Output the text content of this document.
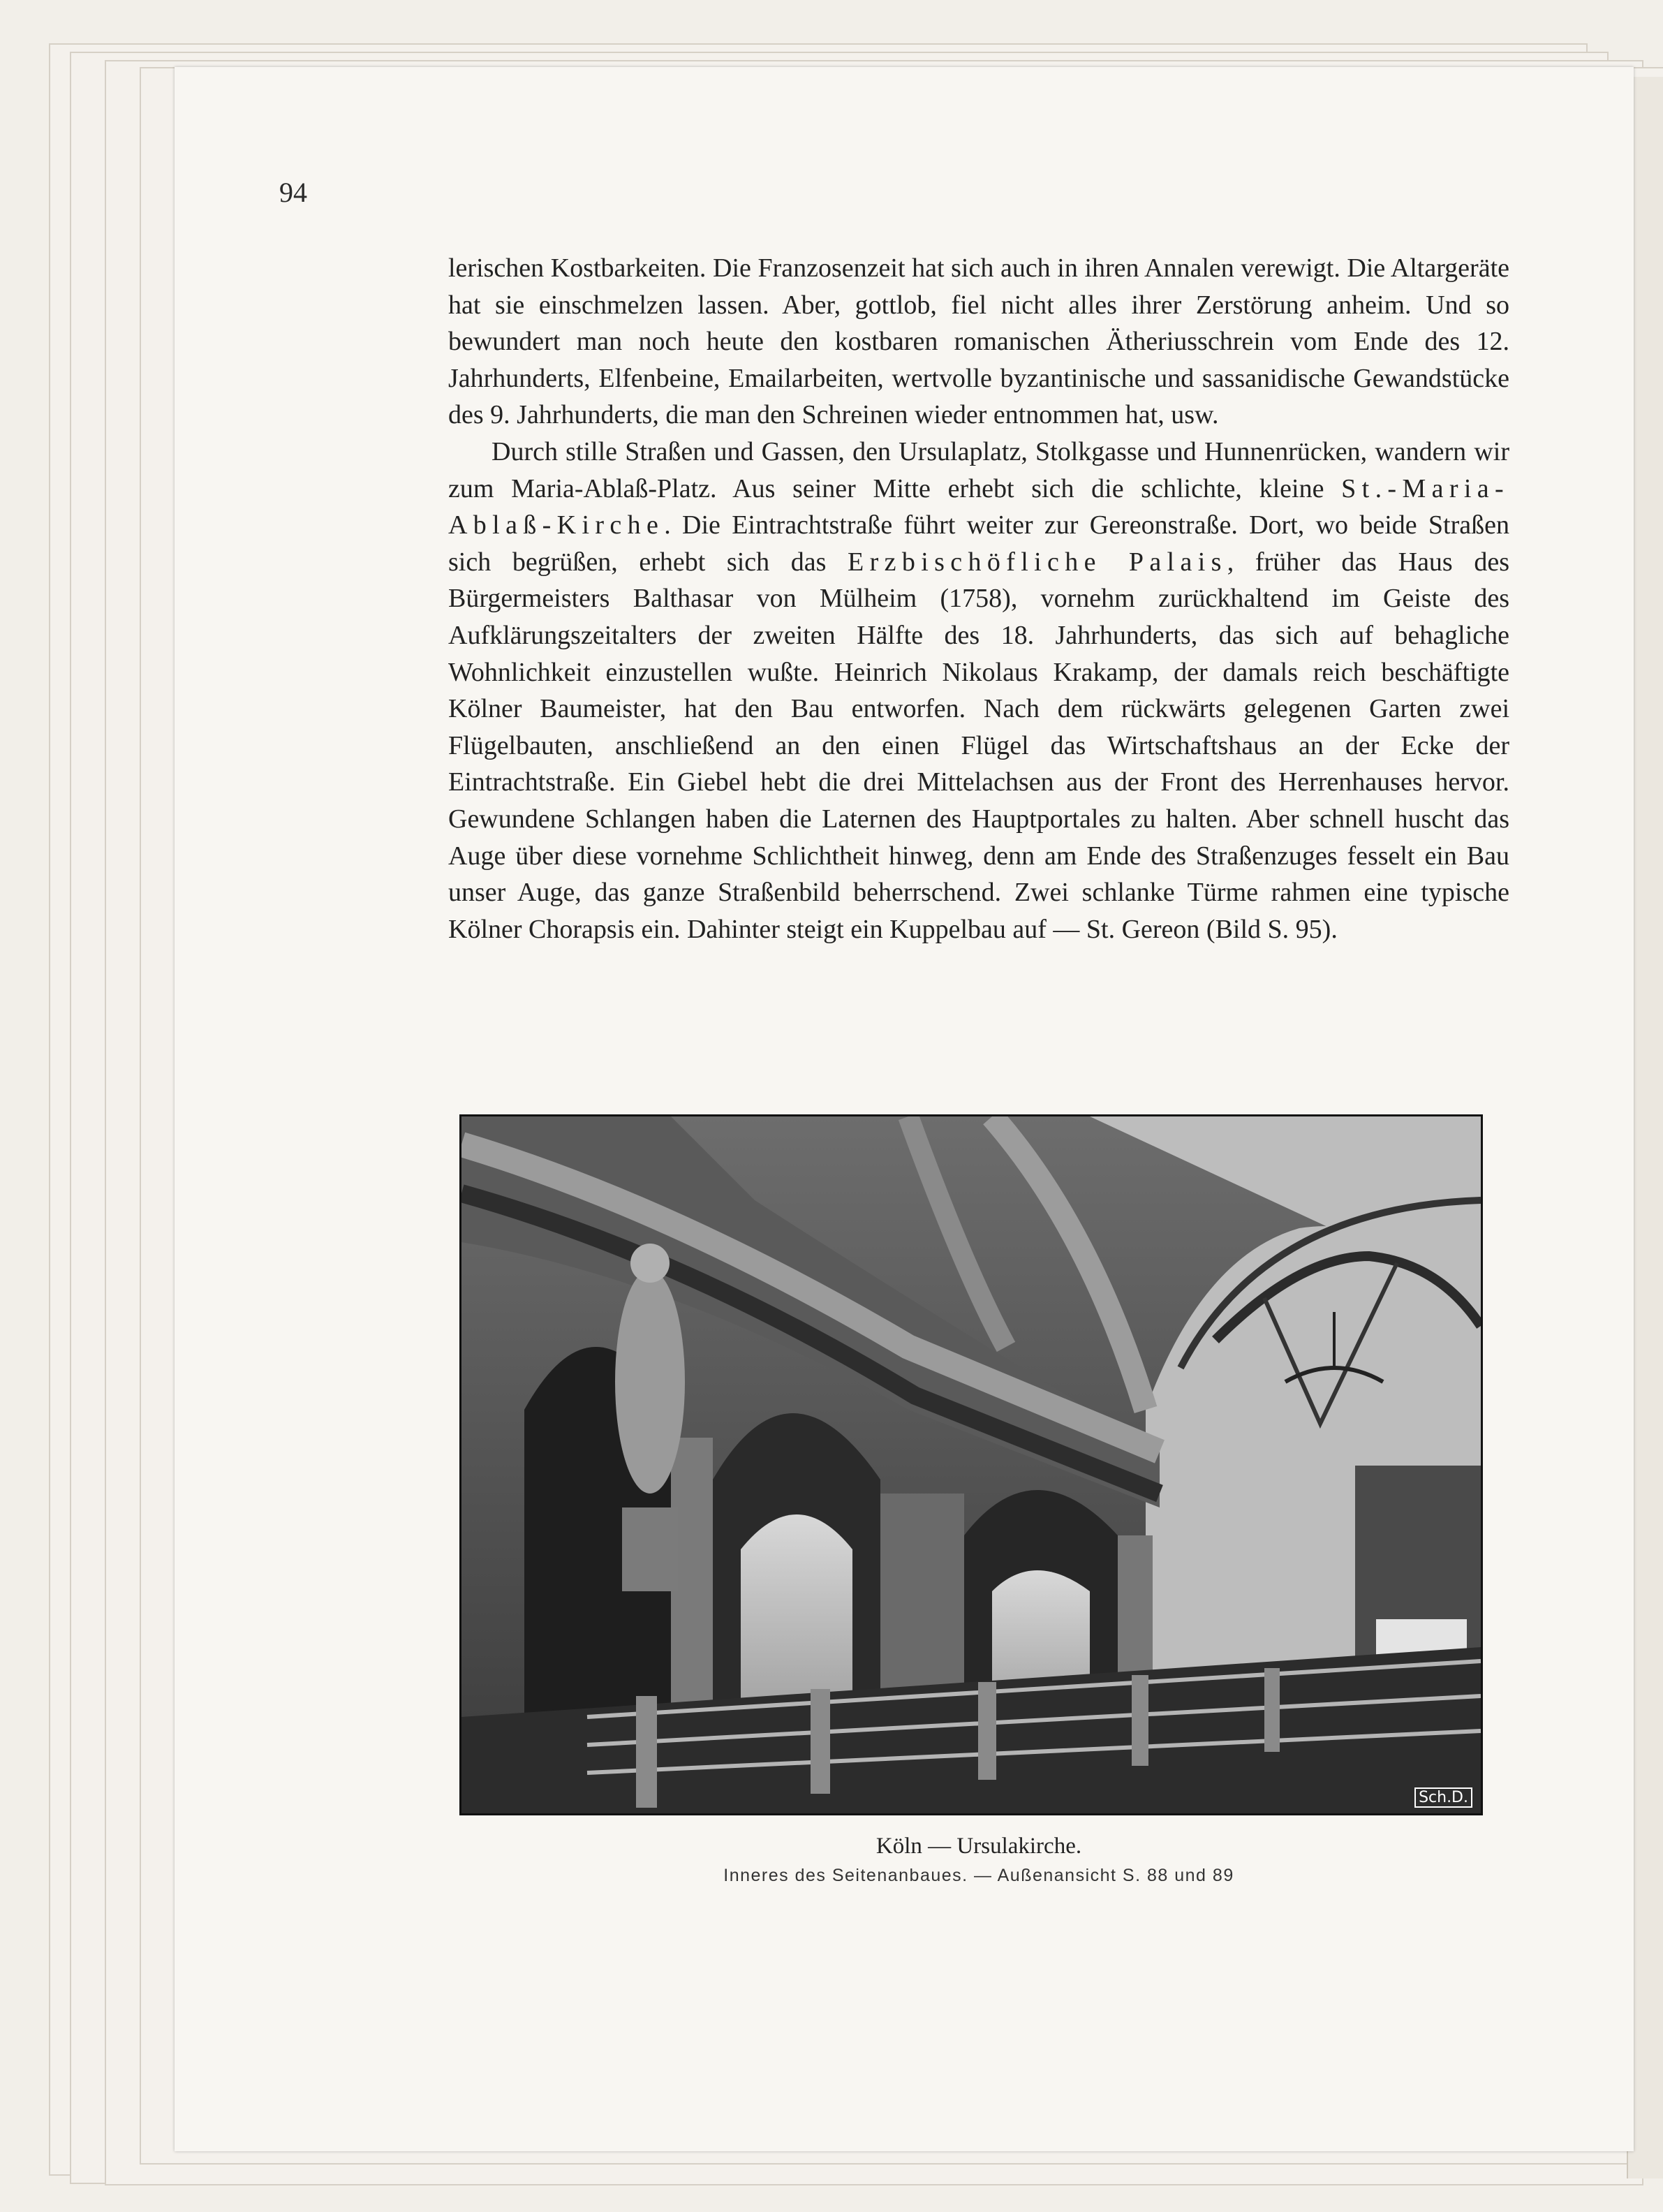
94

lerischen Kostbarkeiten. Die Franzosenzeit hat sich auch in ihren Annalen verewigt. Die Altargeräte hat sie einschmelzen lassen. Aber, gottlob, fiel nicht alles ihrer Zerstörung anheim. Und so bewundert man noch heute den kostbaren romanischen Ätheriusschrein vom Ende des 12. Jahrhunderts, Elfenbeine, Emailarbeiten, wertvolle byzantinische und sassanidische Gewandstücke des 9. Jahrhunderts, die man den Schreinen wieder entnommen hat, usw.

Durch stille Straßen und Gassen, den Ursulaplatz, Stolkgasse und Hunnenrücken, wandern wir zum Maria-Ablaß-Platz. Aus seiner Mitte erhebt sich die schlichte, kleine St.-Maria-Ablaß-Kirche. Die Eintrachtstraße führt weiter zur Gereonstraße. Dort, wo beide Straßen sich begrüßen, erhebt sich das Erzbischöfliche Palais, früher das Haus des Bürgermeisters Balthasar von Mülheim (1758), vornehm zurückhaltend im Geiste des Aufklärungszeitalters der zweiten Hälfte des 18. Jahrhunderts, das sich auf behagliche Wohnlichkeit einzustellen wußte. Heinrich Nikolaus Krakamp, der damals reich beschäftigte Kölner Baumeister, hat den Bau entworfen. Nach dem rückwärts gelegenen Garten zwei Flügelbauten, anschließend an den einen Flügel das Wirtschaftshaus an der Ecke der Eintrachtstraße. Ein Giebel hebt die drei Mittelachsen aus der Front des Herrenhauses hervor. Gewundene Schlangen haben die Laternen des Hauptportales zu halten. Aber schnell huscht das Auge über diese vornehme Schlichtheit hinweg, denn am Ende des Straßenzuges fesselt ein Bau unser Auge, das ganze Straßenbild beherrschend. Zwei schlanke Türme rahmen eine typische Kölner Chorapsis ein. Dahinter steigt ein Kuppelbau auf — St. Gereon (Bild S. 95).

Sch.D.
Köln — Ursulakirche.
Inneres des Seitenanbaues. — Außenansicht S. 88 und 89
